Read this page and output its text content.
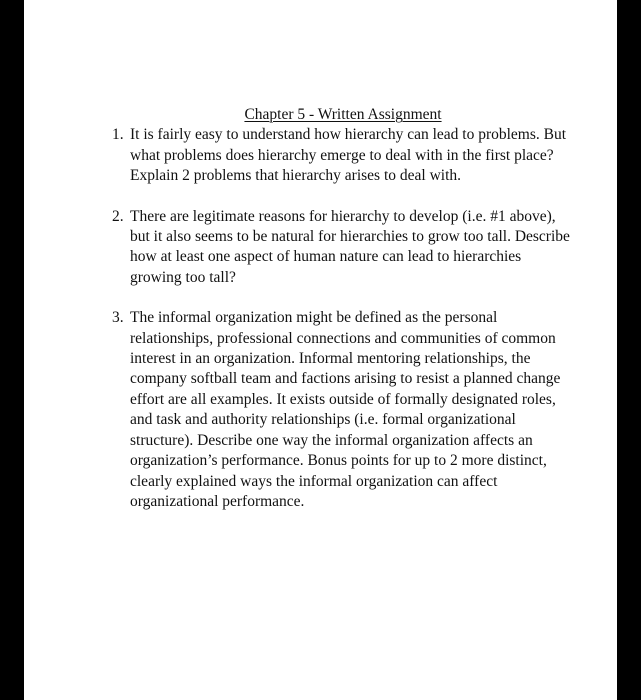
Chapter 5 - Written Assignment
1. It is fairly easy to understand how hierarchy can lead to problems. But what problems does hierarchy emerge to deal with in the first place? Explain 2 problems that hierarchy arises to deal with.
2. There are legitimate reasons for hierarchy to develop (i.e. #1 above), but it also seems to be natural for hierarchies to grow too tall. Describe how at least one aspect of human nature can lead to hierarchies growing too tall?
3. The informal organization might be defined as the personal relationships, professional connections and communities of common interest in an organization. Informal mentoring relationships, the company softball team and factions arising to resist a planned change effort are all examples. It exists outside of formally designated roles, and task and authority relationships (i.e. formal organizational structure). Describe one way the informal organization affects an organization’s performance. Bonus points for up to 2 more distinct, clearly explained ways the informal organization can affect organizational performance.
